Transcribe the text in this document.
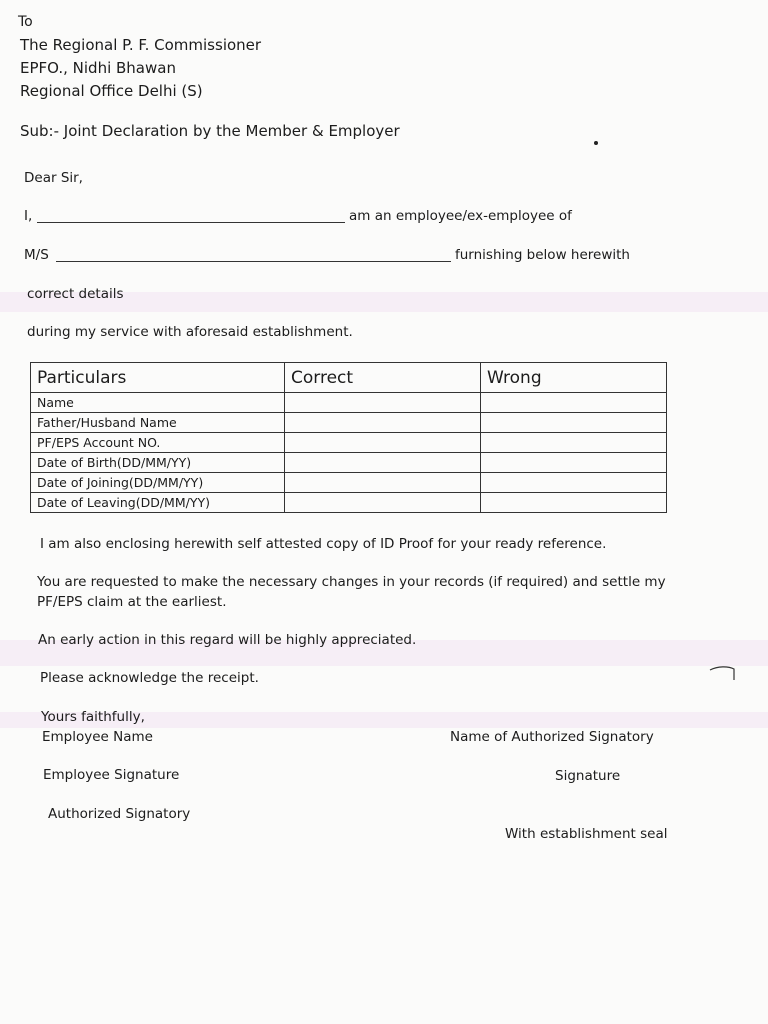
To
The Regional P. F. Commissioner
EPFO., Nidhi Bhawan
Regional Office Delhi (S)
Sub:- Joint Declaration by the Member & Employer
Dear Sir,
I,	am an employee/ex-employee of
M/S	furnishing below herewith
correct details
during my service with aforesaid establishment.
Particulars	Correct	Wrong
Name		
Father/Husband Name		
PF/EPS Account NO.		
Date of Birth(DD/MM/YY)		
Date of Joining(DD/MM/YY)		
Date of Leaving(DD/MM/YY)		
I am also enclosing herewith self attested copy of ID Proof for your ready reference.
You are requested to make the necessary changes in your records (if required) and settle my
PF/EPS claim at the earliest.
An early action in this regard will be highly appreciated.
Please acknowledge the receipt.
Yours faithfully,
Employee Name	Name of Authorized Signatory
Employee Signature	Signature
Authorized Signatory
With establishment seal
